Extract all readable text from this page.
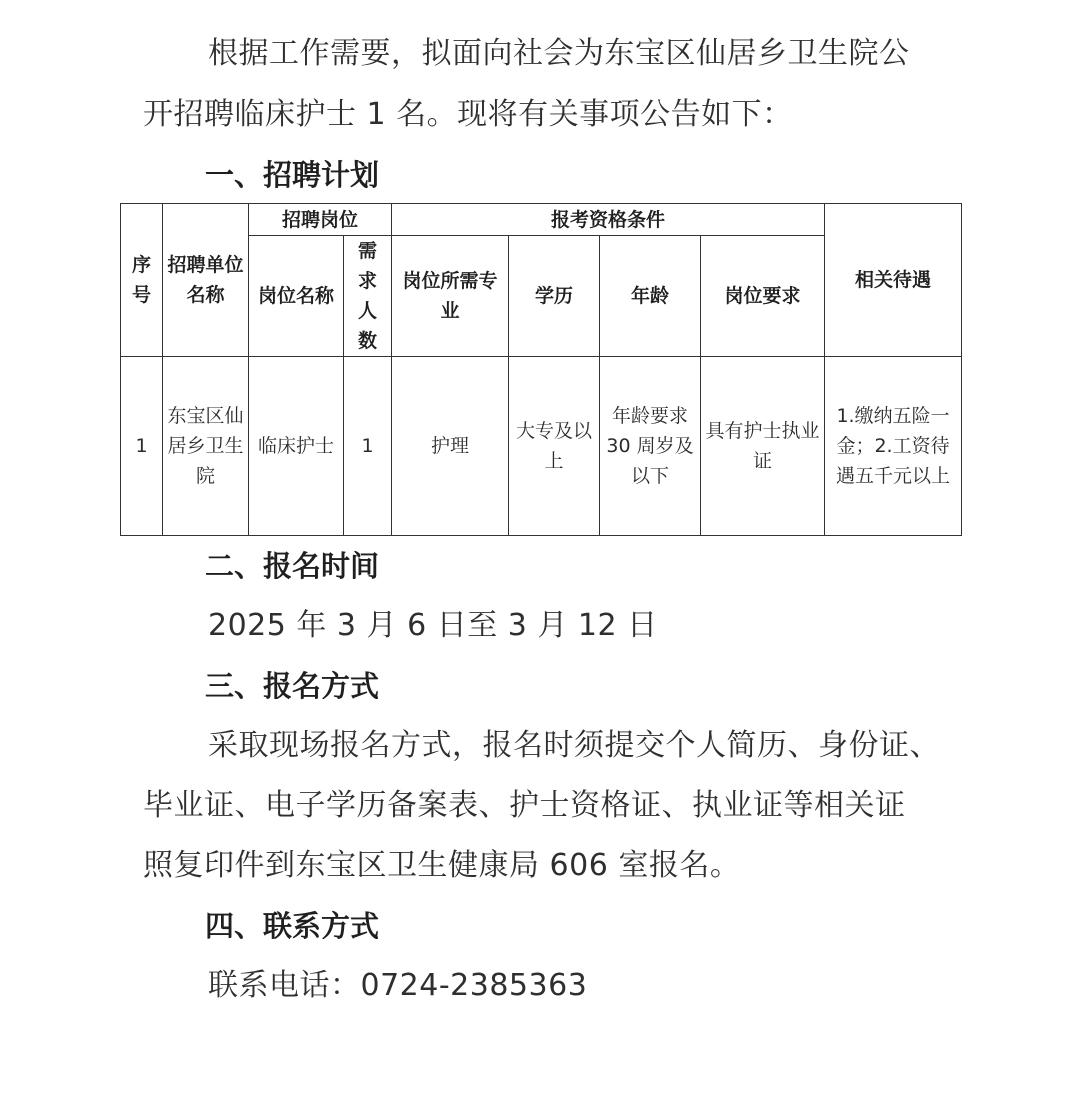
根据工作需要，拟面向社会为东宝区仙居乡卫生院公
开招聘临床护士 1 名。现将有关事项公告如下：
一、招聘计划
序号	招聘单位名称	招聘岗位		报考资格条件				相关待遇
		岗位名称	需求人数	岗位所需专业	学历	年龄	岗位要求	
1	东宝区仙居乡卫生院	临床护士	1	护理	大专及以上	年龄要求 30 周岁及以下	具有护士执业证	1.缴纳五险一金；2.工资待遇五千元以上
二、报名时间
2025 年 3 月 6 日至 3 月 12 日
三、报名方式
采取现场报名方式，报名时须提交个人简历、身份证、
毕业证、电子学历备案表、护士资格证、执业证等相关证
照复印件到东宝区卫生健康局 606 室报名。
四、联系方式
联系电话：0724-2385363
